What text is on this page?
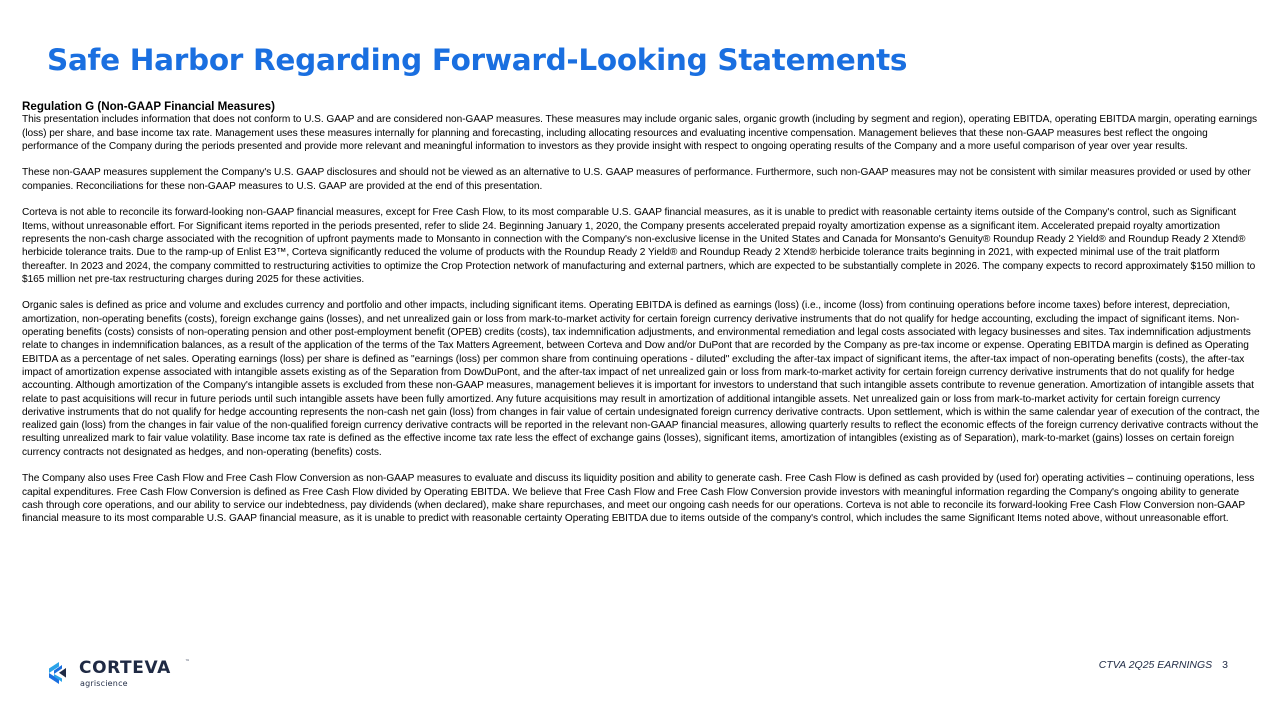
Safe Harbor Regarding Forward-Looking Statements

Regulation G (Non-GAAP Financial Measures)

This presentation includes information that does not conform to U.S. GAAP and are considered non-GAAP measures. These measures may include organic sales, organic growth (including by segment and region), operating EBITDA, operating EBITDA margin, operating earnings (loss) per share, and base income tax rate. Management uses these measures internally for planning and forecasting, including allocating resources and evaluating incentive compensation. Management believes that these non-GAAP measures best reflect the ongoing performance of the Company during the periods presented and provide more relevant and meaningful information to investors as they provide insight with respect to ongoing operating results of the Company and a more useful comparison of year over year results.

These non-GAAP measures supplement the Company's U.S. GAAP disclosures and should not be viewed as an alternative to U.S. GAAP measures of performance. Furthermore, such non-GAAP measures may not be consistent with similar measures provided or used by other companies. Reconciliations for these non-GAAP measures to U.S. GAAP are provided at the end of this presentation.

Corteva is not able to reconcile its forward-looking non-GAAP financial measures, except for Free Cash Flow, to its most comparable U.S. GAAP financial measures, as it is unable to predict with reasonable certainty items outside of the Company's control, such as Significant Items, without unreasonable effort. For Significant items reported in the periods presented, refer to slide 24. Beginning January 1, 2020, the Company presents accelerated prepaid royalty amortization expense as a significant item. Accelerated prepaid royalty amortization represents the non-cash charge associated with the recognition of upfront payments made to Monsanto in connection with the Company's non-exclusive license in the United States and Canada for Monsanto's Genuity® Roundup Ready 2 Yield® and Roundup Ready 2 Xtend® herbicide tolerance traits. Due to the ramp-up of Enlist E3™, Corteva significantly reduced the volume of products with the Roundup Ready 2 Yield® and Roundup Ready 2 Xtend® herbicide tolerance traits beginning in 2021, with expected minimal use of the trait platform thereafter. In 2023 and 2024, the company committed to restructuring activities to optimize the Crop Protection network of manufacturing and external partners, which are expected to be substantially complete in 2026. The company expects to record approximately $150 million to $165 million net pre-tax restructuring charges during 2025 for these activities.

Organic sales is defined as price and volume and excludes currency and portfolio and other impacts, including significant items. Operating EBITDA is defined as earnings (loss) (i.e., income (loss) from continuing operations before income taxes) before interest, depreciation, amortization, non-operating benefits (costs), foreign exchange gains (losses), and net unrealized gain or loss from mark-to-market activity for certain foreign currency derivative instruments that do not qualify for hedge accounting, excluding the impact of significant items. Non-operating benefits (costs) consists of non-operating pension and other post-employment benefit (OPEB) credits (costs), tax indemnification adjustments, and environmental remediation and legal costs associated with legacy businesses and sites. Tax indemnification adjustments relate to changes in indemnification balances, as a result of the application of the terms of the Tax Matters Agreement, between Corteva and Dow and/or DuPont that are recorded by the Company as pre-tax income or expense. Operating EBITDA margin is defined as Operating EBITDA as a percentage of net sales. Operating earnings (loss) per share is defined as "earnings (loss) per common share from continuing operations - diluted" excluding the after-tax impact of significant items, the after-tax impact of non-operating benefits (costs), the after-tax impact of amortization expense associated with intangible assets existing as of the Separation from DowDuPont, and the after-tax impact of net unrealized gain or loss from mark-to-market activity for certain foreign currency derivative instruments that do not qualify for hedge accounting. Although amortization of the Company's intangible assets is excluded from these non-GAAP measures, management believes it is important for investors to understand that such intangible assets contribute to revenue generation. Amortization of intangible assets that relate to past acquisitions will recur in future periods until such intangible assets have been fully amortized. Any future acquisitions may result in amortization of additional intangible assets. Net unrealized gain or loss from mark-to-market activity for certain foreign currency derivative instruments that do not qualify for hedge accounting represents the non-cash net gain (loss) from changes in fair value of certain undesignated foreign currency derivative contracts. Upon settlement, which is within the same calendar year of execution of the contract, the realized gain (loss) from the changes in fair value of the non-qualified foreign currency derivative contracts will be reported in the relevant non-GAAP financial measures, allowing quarterly results to reflect the economic effects of the foreign currency derivative contracts without the resulting unrealized mark to fair value volatility. Base income tax rate is defined as the effective income tax rate less the effect of exchange gains (losses), significant items, amortization of intangibles (existing as of Separation), mark-to-market (gains) losses on certain foreign currency contracts not designated as hedges, and non-operating (benefits) costs.

The Company also uses Free Cash Flow and Free Cash Flow Conversion as non-GAAP measures to evaluate and discuss its liquidity position and ability to generate cash. Free Cash Flow is defined as cash provided by (used for) operating activities – continuing operations, less capital expenditures. Free Cash Flow Conversion is defined as Free Cash Flow divided by Operating EBITDA. We believe that Free Cash Flow and Free Cash Flow Conversion provide investors with meaningful information regarding the Company's ongoing ability to generate cash through core operations, and our ability to service our indebtedness, pay dividends (when declared), make share repurchases, and meet our ongoing cash needs for our operations. Corteva is not able to reconcile its forward-looking Free Cash Flow Conversion non-GAAP financial measure to its most comparable U.S. GAAP financial measure, as it is unable to predict with reasonable certainty Operating EBITDA due to items outside of the company's control, which includes the same Significant Items noted above, without unreasonable effort.

CORTEVA	™
agriscience
CTVA 2Q25 EARNINGS 3
